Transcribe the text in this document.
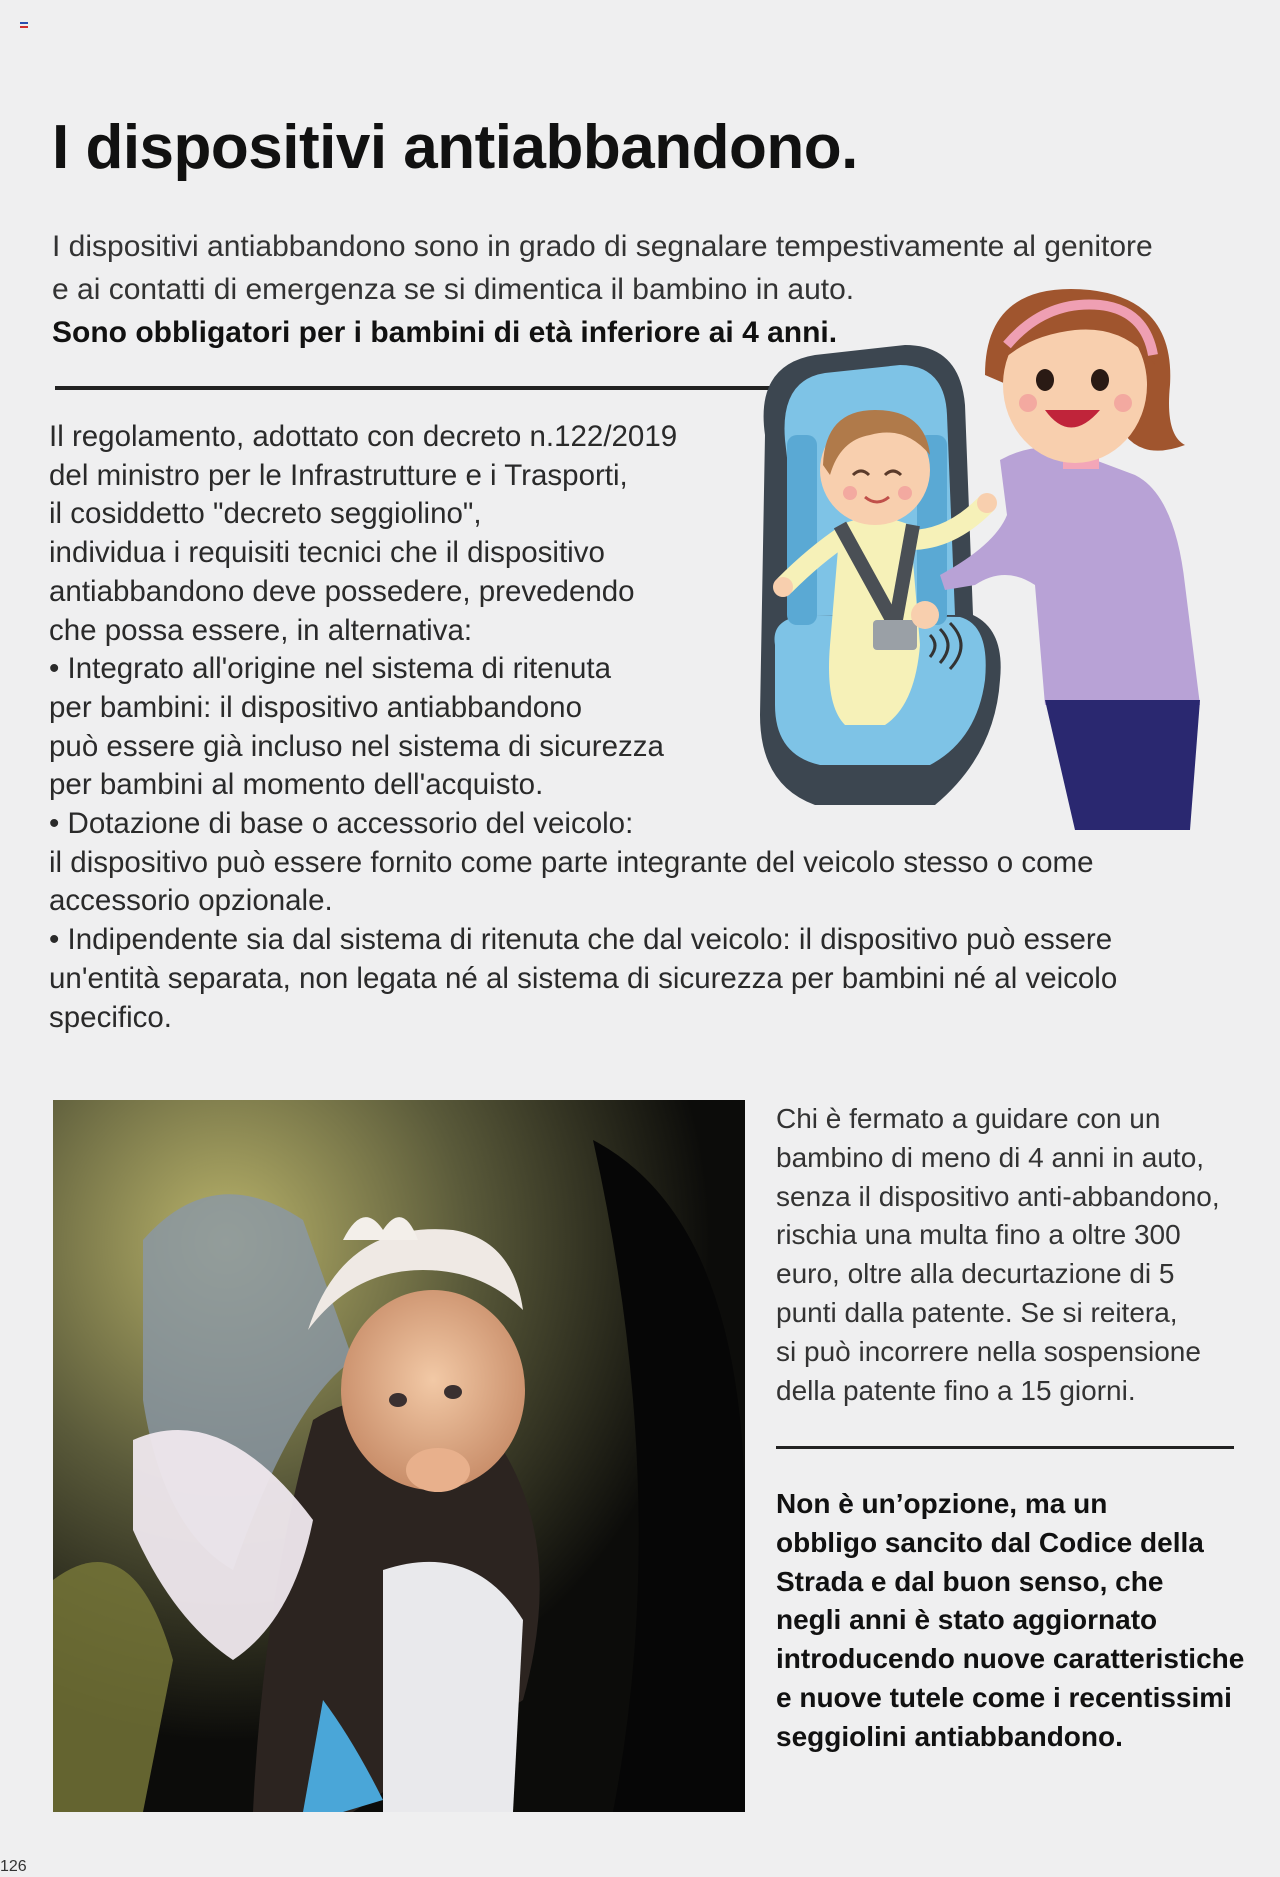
I dispositivi antiabbandono.
I dispositivi antiabbandono sono in grado di segnalare tempestivamente al genitore
e ai contatti di emergenza se si dimentica il bambino in auto.
Sono obbligatori per i bambini di età inferiore ai 4 anni.

Il regolamento, adottato con decreto n.122/2019

del ministro per le Infrastrutture e i Trasporti,

il cosiddetto "decreto seggiolino",

individua i requisiti tecnici che il dispositivo

antiabbandono deve possedere, prevedendo

che possa essere, in alternativa:

• Integrato all'origine nel sistema di ritenuta

per bambini: il dispositivo antiabbandono

può essere già incluso nel sistema di sicurezza

per bambini al momento dell'acquisto.

• Dotazione di base o accessorio del veicolo:

il dispositivo può essere fornito come parte integrante del veicolo stesso o come

accessorio opzionale.

• Indipendente sia dal sistema di ritenuta che dal veicolo: il dispositivo può essere

un'entità separata, non legata né al sistema di sicurezza per bambini né al veicolo

specifico.

Chi è fermato a guidare con un
bambino di meno di 4 anni in auto,
senza il dispositivo anti-abbandono,
rischia una multa fino a oltre 300
euro, oltre alla decurtazione di 5
punti dalla patente. Se si reitera,
si può incorrere nella sospensione
della patente fino a 15 giorni.
Non è un’opzione, ma un
obbligo sancito dal Codice della
Strada e dal buon senso, che
negli anni è stato aggiornato
introducendo nuove caratteristiche
e nuove tutele come i recentissimi
seggiolini antiabbandono.
126
